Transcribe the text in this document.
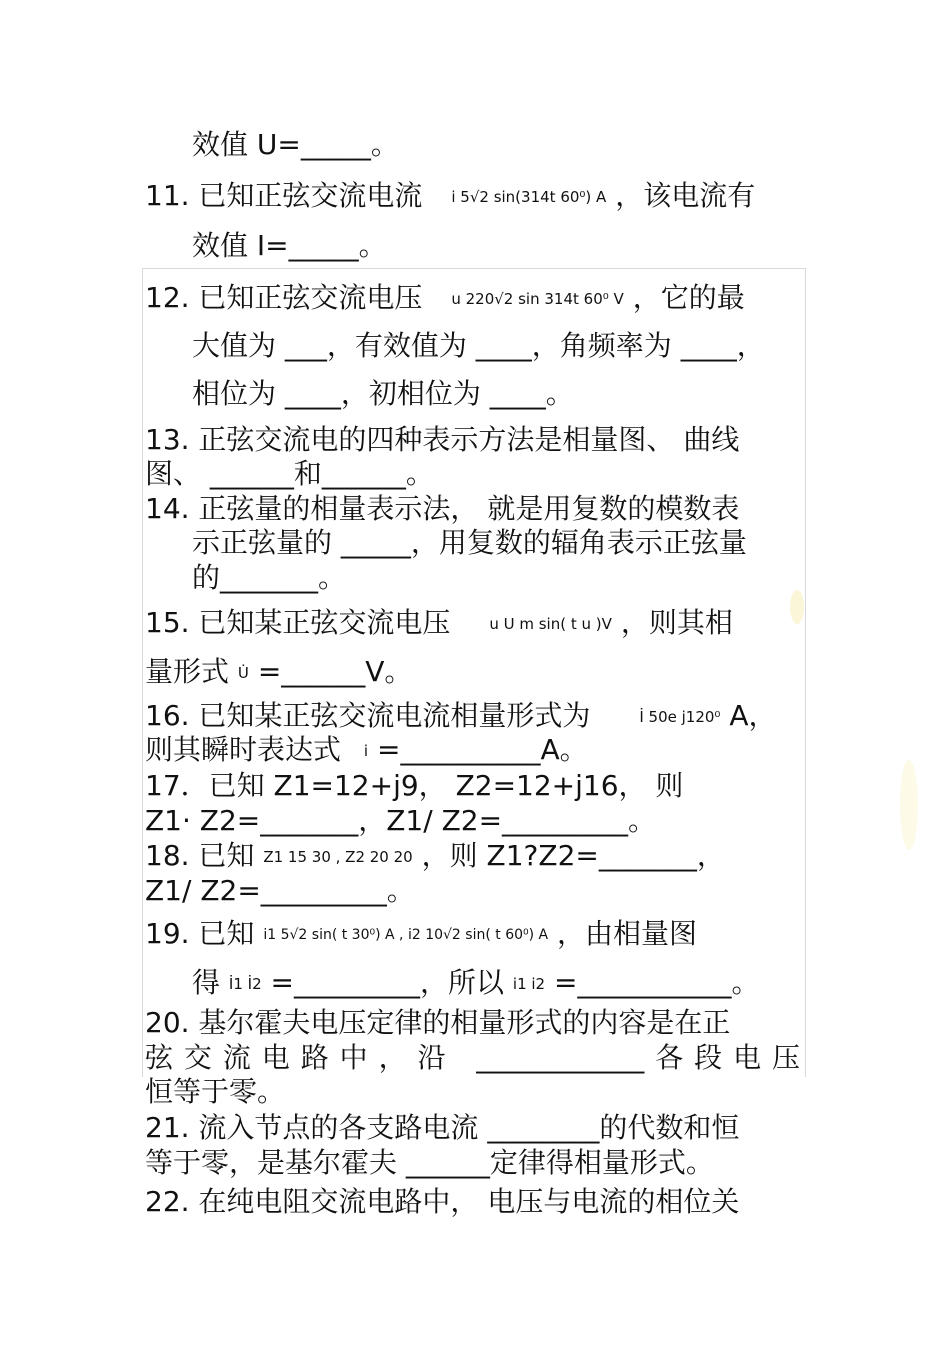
效值 U=_____。
11. 已知正弦交流电流 i 5√2 sin(314t 60⁰) A ，该电流有
效值 I=_____。
12. 已知正弦交流电压 u 220√2 sin 314t 60⁰ V ，它的最
大值为 ___，有效值为 ____，角频率为 ____，
相位为 ____，初相位为 ____。
13. 正弦交流电的四种表示方法是相量图、 曲线
图、 ______和______。
14. 正弦量的相量表示法， 就是用复数的模数表
示正弦量的 _____，用复数的辐角表示正弦量
的_______。
15. 已知某正弦交流电压	u U m sin( t u )V ，则其相
量形式 U̇ =______V。
16. 已知某正弦交流电流相量形式为	İ 50e j120⁰ A，
则其瞬时表达式 i =__________A。
17．已知 Z1=12+j9， Z2=12+j16， 则
Z1· Z2=_______，Z1/ Z2=_________。
18. 已知 Z1 15 30 , Z2 20 20 ，则 Z1?Z2=_______，
Z1/ Z2=_________。
19. 已知 i1 5√2 sin( t 30⁰) A , i2 10√2 sin( t 60⁰) A ，由相量图
得 İ1 İ2 =_________，所以 i1 i2 =___________。
20. 基尔霍夫电压定律的相量形式的内容是在正
弦交流电路中，沿 ____________各段电压
恒等于零。
21. 流入节点的各支路电流 ________的代数和恒
等于零，是基尔霍夫 ______定律得相量形式。
22. 在纯电阻交流电路中， 电压与电流的相位关
